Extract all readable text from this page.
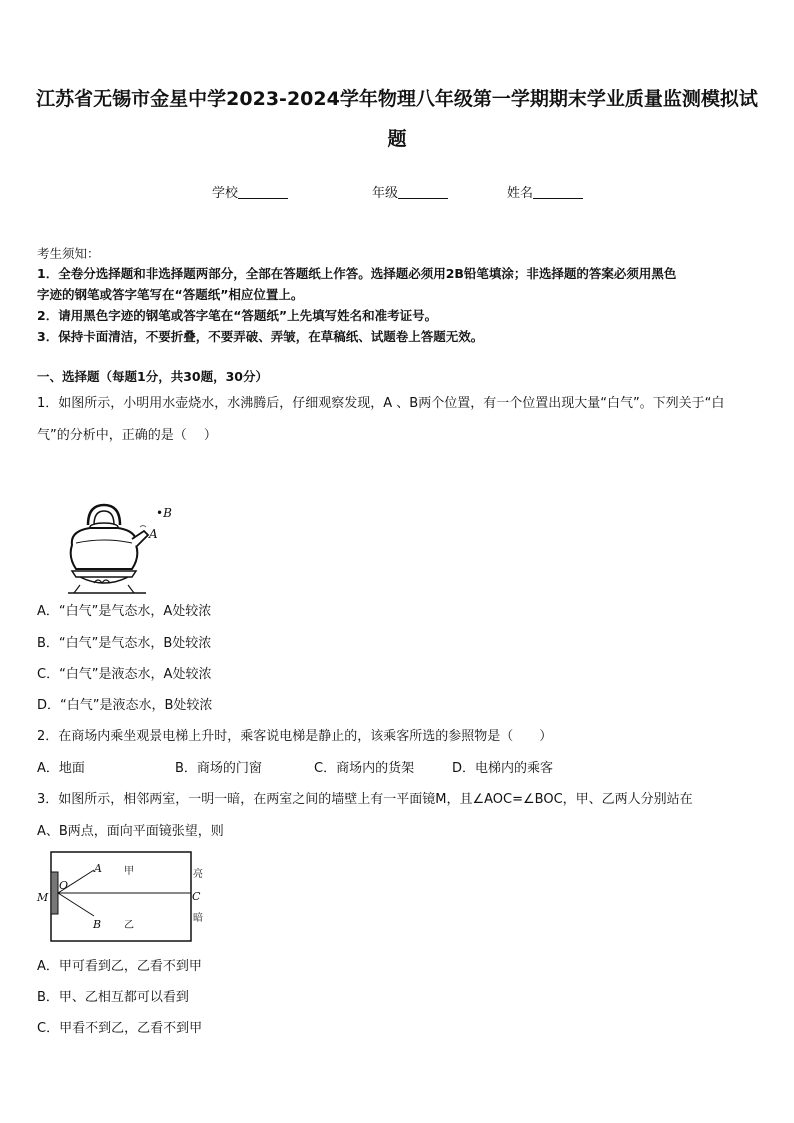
江苏省无锡市金星中学2023-2024学年物理八年级第一学期期末学业质量监测模拟试
题
学校	年级	姓名
考生须知：
1．全卷分选择题和非选择题两部分，全部在答题纸上作答。选择题必须用2B铅笔填涂；非选择题的答案必须用黑色
字迹的钢笔或答字笔写在“答题纸”相应位置上。
2．请用黑色字迹的钢笔或答字笔在“答题纸”上先填写姓名和准考证号。
3．保持卡面清洁，不要折叠，不要弄破、弄皱，在草稿纸、试题卷上答题无效。
一、选择题（每题1分，共30题，30分）
1．如图所示，小明用水壶烧水，水沸腾后，仔细观察发现，A 、B两个位置，有一个位置出现大量“白气”。下列关于“白
气”的分析中，正确的是（　 ）
A
•B
A．“白气”是气态水，A处较浓
B．“白气”是气态水，B处较浓
C．“白气”是液态水，A处较浓
D．“白气”是液态水，B处较浓
2．在商场内乘坐观景电梯上升时，乘客说电梯是静止的，该乘客所选的参照物是（　　）
A．地面	B．商场的门窗	C．商场内的货架	D．电梯内的乘客
3．如图所示，相邻两室，一明一暗，在两室之间的墙壁上有一平面镜M，且∠AOC=∠BOC，甲、乙两人分别站在
A、B两点，面向平面镜张望，则
M
O
A
B
C
甲
乙
亮
暗
A．甲可看到乙，乙看不到甲
B．甲、乙相互都可以看到
C．甲看不到乙，乙看不到甲
